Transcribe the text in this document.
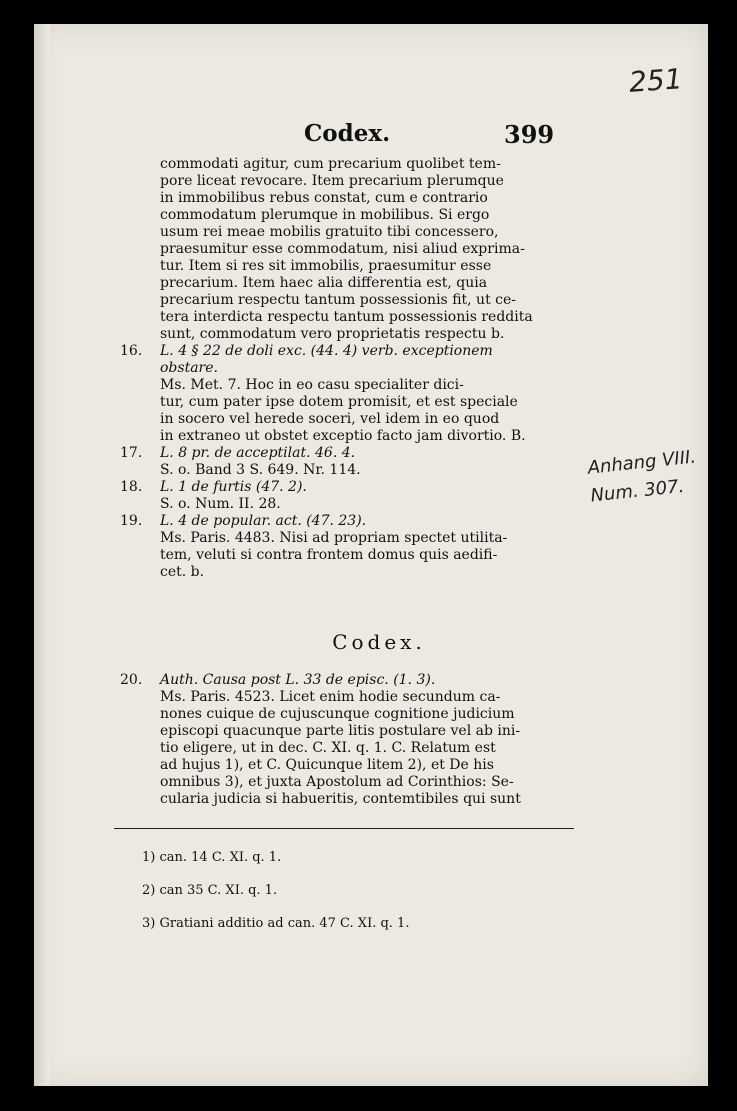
251
Codex.	399
Anhang VIII.
Num. 307.
commodati agitur, cum precarium quolibet tem-
pore liceat revocare. Item precarium plerumque
in immobilibus rebus constat, cum e contrario
commodatum plerumque in mobilibus. Si ergo
usum rei meae mobilis gratuito tibi concessero,
praesumitur esse commodatum, nisi aliud exprima-
tur. Item si res sit immobilis, praesumitur esse
precarium. Item haec alia differentia est, quia
precarium respectu tantum possessionis fit, ut ce-
tera interdicta respectu tantum possessionis reddita
sunt, commodatum vero proprietatis respectu b.
16. L. 4 § 22 de doli exc. (44. 4) verb. exceptionem
obstare.
Ms. Met. 7. Hoc in eo casu specialiter dici-
tur, cum pater ipse dotem promisit, et est speciale
in socero vel herede soceri, vel idem in eo quod
in extraneo ut obstet exceptio facto jam divortio. B.
17. L. 8 pr. de acceptilat. 46. 4.
S. o. Band 3 S. 649. Nr. 114.
18. L. 1 de furtis (47. 2).
S. o. Num. II. 28.
19. L. 4 de popular. act. (47. 23).
Ms. Paris. 4483. Nisi ad propriam spectet utilita-
tem, veluti si contra frontem domus quis aedifi-
cet. b.
Codex.
20. Auth. Causa post L. 33 de episc. (1. 3).
Ms. Paris. 4523. Licet enim hodie secundum ca-
nones cuique de cujuscunque cognitione judicium
episcopi quacunque parte litis postulare vel ab ini-
tio eligere, ut in dec. C. XI. q. 1. C. Relatum est
ad hujus 1), et C. Quicunque litem 2), et De his
omnibus 3), et juxta Apostolum ad Corinthios: Se-
cularia judicia si habueritis, contemtibiles qui sunt
1) can. 14 C. XI. q. 1.
2) can 35 C. XI. q. 1.
3) Gratiani additio ad can. 47 C. XI. q. 1.
